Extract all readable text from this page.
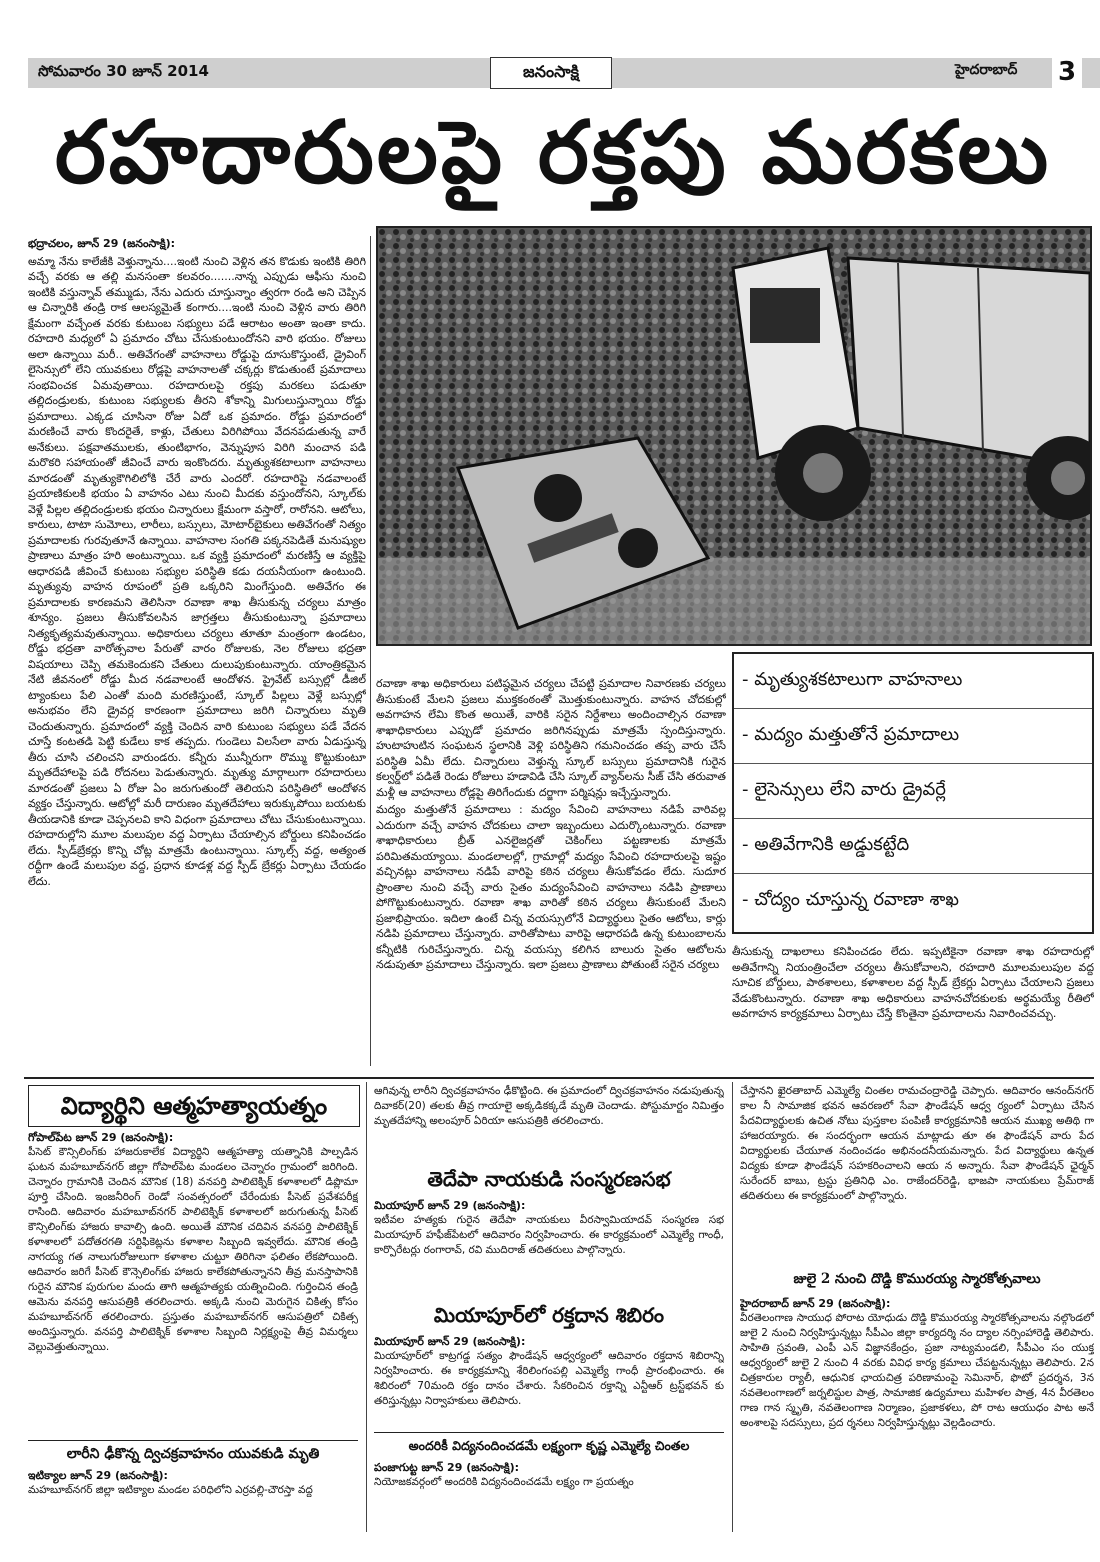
సోమవారం 30 జూన్ 2014	జనంసాక్షి	హైదరాబాద్ 3
రహదారులపై రక్తపు మరకలు

భద్రాచలం, జూన్ 29 (జనంసాక్షి):

అమ్మా నేను కాలేజీకి వెళ్తున్నాను....ఇంటి నుంచి వెళ్లిన తన కొడుకు ఇంటికి తిరిగి వచ్చే వరకు ఆ తల్లి మనసంతా కలవరం.......నాన్న ఎప్పుడు ఆఫీసు నుంచి ఇంటికి వస్తున్నావ్ తమ్ముడు, నేను ఎదురు చూస్తున్నాం త్వరగా రండి అని చెప్పిన ఆ చిన్నారికి తండ్రి రాక ఆలస్యమైతే కంగారు....ఇంటి నుంచి వెళ్లిన వారు తిరిగి క్షేమంగా వచ్చేంత వరకు కుటుంబ సభ్యులు పడే ఆరాటం అంతా ఇంతా కాదు. రహదారి మధ్యలో ఏ ప్రమాదం చోటు చేసుకుంటుందోనని వారి భయం. రోజులు అలా ఉన్నాయి మరీ.. అతివేగంతో వాహనాలు రోడ్డుపై దూసుకొస్తుంటే, డ్రైవింగ్ లైసెన్సులో లేని యువకులు రోడ్లపై వాహనాలతో చక్కర్లు కొడుతుంటే ప్రమాదాలు సంభవించక ఏమవుతాయి. రహదారులపై రక్తపు మరకలు పడుతూ తల్లిదండ్రులకు, కుటుంబ సభ్యులకు తీరని శోకాన్ని మిగులుస్తున్నాయి రోడ్డు ప్రమాదాలు. ఎక్కడ చూసినా రోజు ఏదో ఒక ప్రమాదం. రోడ్డు ప్రమాదంలో మరణించే వారు కొందరైతే, కాళ్లు, చేతులు విరిగిపోయి వేదనపడుతున్న వారే అనేకులు. పక్షవాతములకు, తుంటిభాగం, వెన్నుపూస విరిగి మంచాన పడి మరొకరి సహాయంతో జీవించే వారు ఇంకొందరు. మృత్యుశకటాలుగా వాహనాలు మారడంతో మృత్యుకౌగిలిలోకి చేరే వారు ఎందరో. రహదారిపై నడవాలంటే ప్రయాణికులకి భయం ఏ వాహనం ఎటు నుంచి మీదకు వస్తుందోనని, స్కూల్‌కు వెళ్లే పిల్లల తల్లిదండ్రులకు భయం చిన్నారులు క్షేమంగా వస్తారో, రారోనని. ఆటోలు, కారులు, టాటా సుమోలు, లారీలు, బస్సులు, మోటార్‌బైకులు అతివేగంతో నిత్యం ప్రమాదాలకు గురవుతూనే ఉన్నాయి. వాహనాల సంగతి పక్కనపెడితే మనుష్యుల ప్రాణాలు మాత్రం హరి అంటున్నాయి. ఒక వ్యక్తి ప్రమాదంలో మరణిస్తే ఆ వ్యక్తిపై ఆధారపడి జీవించే కుటుంబ సభ్యుల పరిస్థితి కడు దయనీయంగా ఉంటుంది. మృత్యువు వాహన రూపంలో ప్రతి ఒక్కరిని మింగేస్తుంది. అతివేగం ఈ ప్రమాదాలకు కారణమని తెలిసినా రవాణా శాఖ తీసుకున్న చర్యలు మాత్రం శూన్యం. ప్రజలు తీసుకోవలసిన జాగ్రత్తలు తీసుకుంటున్నా ప్రమాదాలు నిత్యకృత్యమవుతున్నాయి. అధికారులు చర్యలు తూతూ మంత్రంగా ఉండటం, రోడ్డు భద్రతా వారోత్సవాల పేరుతో వారం రోజులకు, నెల రోజులు భద్రతా విషయాలు చెప్పి తమకెందుకని చేతులు దులుపుకుంటున్నారు. యాంత్రికమైన నేటి జీవనంలో రోడ్డు మీద నడవాలంటే ఆందోళన. ప్రైవేట్ బస్సుల్లో డీజిల్ ట్యాంకులు పేలి ఎంతో మంది మరణిస్తుంటే, స్కూల్ పిల్లలు వెళ్లే బస్సుల్లో అనుభవం లేని డ్రైవర్ల కారణంగా ప్రమాదాలు జరిగి చిన్నారులు మృతి చెందుతున్నారు. ప్రమాదంలో వ్యక్తి చెందిన వారి కుటుంబ సభ్యులు పడే వేదన చూస్తే కంటతడి పెట్టి కుడేలు కాక తప్పదు. గుండెలు విలసేలా వారు ఏడుస్తున్న తీరు చూసి చలించని వారుండరు. కన్నీరు మున్నీరుగా రొమ్ము కొట్టుకుంటూ మృతదేహాలపై పడి రోదనలు పెడుతున్నారు. మృత్యు మార్గాలుగా రహదారులు మారడంతో ప్రజలు ఏ రోజు ఏం జరుగుతుందో తెలియని పరిస్థితిలో ఆందోళన వ్యక్తం చేస్తున్నారు. ఆటోల్లో మరీ దారుణం మృతదేహాలు ఇరుక్కుపోయి బయటకు తీయడానికి కూడా చెప్పనలవి కాని విధంగా ప్రమాదాలు చోటు చేసుకుంటున్నాయి. రహదారుల్లోని మూల మలుపుల వద్ద ఏర్పాటు చేయాల్సిన బోర్డులు కనిపించడం లేదు. స్పీడ్‌బ్రేకర్లు కొన్ని చోట్ల మాత్రమే ఉంటున్నాయి. స్కూల్స్ వద్ద, అత్యంత రద్దీగా ఉండే మలుపుల వద్ద, ప్రధాన కూడళ్ల వద్ద స్పీడ్ బ్రేకర్లు ఏర్పాటు చేయడం లేదు.

- మృత్యుశకటాలుగా వాహనాలు
- మద్యం మత్తుతోనే ప్రమాదాలు
- లైసెన్సులు లేని వారు డ్రైవర్లే
- అతివేగానికి అడ్డుకట్టేది
- చోద్యం చూస్తున్న రవాణా శాఖ

రవాణా శాఖ అధికారులు పటిష్ఠమైన చర్యలు చేపట్టి ప్రమాదాల నివారణకు చర్యలు తీసుకుంటే మేలని ప్రజలు ముక్తకంఠంతో మొత్తుకుంటున్నారు. వాహన చోదకుల్లో అవగాహన లేమి కొంత అయితే, వారికి సరైన నిర్దేశాలు అందించాల్సిన రవాణా శాఖాధికారులు ఎప్పుడో ప్రమాదం జరిగినప్పుడు మాత్రమే స్పందిస్తున్నారు. హుటాహుటిన సంఘటన స్థలానికి వెళ్లి పరిస్థితిని గమనించడం తప్ప వారు చేసే పరిస్థితి ఏమీ లేదు. చిన్నారులు వెళ్తున్న స్కూల్ బస్సులు ప్రమాదానికి గురైన కల్వర్డ్‌లో పడితే రెండు రోజులు హడావిడి చేసి స్కూల్ వ్యాన్‌లను సీజ్ చేసి తరువాత మళ్లీ ఆ వాహనాలు రోడ్లపై తిరిగేందుకు దర్జాగా పర్మిషన్లు ఇచ్చేస్తున్నారు.

మద్యం మత్తుతోనే ప్రమాదాలు : మద్యం సేవించి వాహనాలు నడిపే వారివల్ల ఎదురుగా వచ్చే వాహన చోదకులు చాలా ఇబ్బందులు ఎదుర్కొంటున్నారు. రవాణా శాఖాధికారులు బ్రీత్ ఎనలైజర్లతో చెకింగ్‌లు పట్టణాలకు మాత్రమే పరిమితమయ్యాయి. మండలాలల్లో, గ్రామాల్లో మద్యం సేవించి రహదారులపై ఇష్టం వచ్చినట్లు వాహనాలు నడిపే వారిపై కఠిన చర్యలు తీసుకోవడం లేదు. సుదూర ప్రాంతాల నుంచి వచ్చే వారు సైతం మద్యంసేవించి వాహనాలు నడిపి ప్రాణాలు పోగొట్టుకుంటున్నారు. రవాణా శాఖ వారితో కఠిన చర్యలు తీసుకుంటే మేలని ప్రజాభిప్రాయం. ఇదిలా ఉంటే చిన్న వయస్సులోనే విద్యార్థులు సైతం ఆటోలు, కార్లు నడిపి ప్రమాదాలు చేస్తున్నారు. వారితోపాటు వారిపై ఆధారపడి ఉన్న కుటుంబాలను కన్నీటికి గురిచేస్తున్నారు. చిన్న వయస్సు కలిగిన బాలురు సైతం ఆటోలను నడుపుతూ ప్రమాదాలు చేస్తున్నారు. ఇలా ప్రజలు ప్రాణాలు పోతుంటే సరైన చర్యలు

తీసుకున్న దాఖలాలు కనిపించడం లేదు. ఇప్పటికైనా రవాణా శాఖ రహదారుల్లో అతివేగాన్ని నియంత్రించేలా చర్యలు తీసుకోవాలని, రహదారి మూలమలుపుల వద్ద సూచిక బోర్డులు, పాఠశాలలు, కళాశాలల వద్ద స్పీడ్ బ్రేకర్లు ఏర్పాటు చేయాలని ప్రజలు వేడుకొంటున్నారు. రవాణా శాఖ అధికారులు వాహనచోదకులకు అర్థమయ్యే రీతిలో అవగాహన కార్యక్రమాలు ఏర్పాటు చేస్తే కొంతైనా ప్రమాదాలను నివారించవచ్చు.

విద్యార్థిని ఆత్మహత్యాయత్నం

గోపాల్‌పేట జూన్ 29 (జనంసాక్షి):

పీసెట్ కౌన్సిలింగ్‌కు హాజరుకాలేక విద్యార్థిని ఆత్మహత్యా యత్నానికి పాల్పడిన ఘటన మహబూబ్‌నగర్ జిల్లా గోపాల్‌పేట మండలం చెన్నారం గ్రామంలో జరిగింది. చెన్నారం గ్రామానికి చెందిన మౌనిక (18) వనపర్తి పాలిటెక్నిక్ కళాశాలలో డిప్లొమా పూర్తి చేసింది. ఇంజనీరింగ్ రెండో సంవత్సరంలో చేరేందుకు పీసెట్ ప్రవేశపరీక్ష రాసింది. ఆదివారం మహబూబ్‌నగర్ పాలిటెక్నిక్ కళాశాలలో జరుగుతున్న పీసెట్ కౌన్సిలింగ్‌కు హాజరు కావాల్సి ఉంది. అయితే మౌనిక చదివిన వనపర్తి పాలిటెక్నిక్ కళాశాలలో పదోతరగతి సర్టిఫికెట్లను కళాశాల సిబ్బంది ఇవ్వలేదు. మౌనిక తండ్రి నాగయ్య గత నాలుగురోజులుగా కళాశాల చుట్టూ తిరిగినా ఫలితం లేకపోయింది. ఆదివారం జరిగే పీసెట్ కౌన్సెలింగ్‌కు హాజరు కాలేకపోతున్నానని తీవ్ర మనస్తాపానికి గురైన మౌనిక పురుగుల మందు తాగి ఆత్మహత్యకు యత్నించింది. గుర్తించిన తండ్రి ఆమెను వనపర్తి ఆసుపత్రికి తరలించారు. అక్కడి నుంచి మెరుగైన చికిత్స కోసం మహబూబ్‌నగర్ తరలించారు. ప్రస్తుతం మహబూబ్‌నగర్ ఆసుపత్రిలో చికిత్స అందిస్తున్నారు. వనపర్తి పాలిటెక్నిక్ కళాశాల సిబ్బంది నిర్లక్ష్యంపై తీవ్ర విమర్శలు వెల్లువెత్తుతున్నాయి.

లారీని ఢీకొన్న ద్విచక్రవాహనం యువకుడి మృతి

ఇటిక్యాల జూన్ 29 (జనంసాక్షి):

మహబూబ్‌నగర్ జిల్లా ఇటిక్యాల మండల పరిధిలోని ఎర్రవల్లి-చౌరస్తా వద్ద

ఆగివున్న లారీని ద్విచక్రవాహనం ఢీకొట్టింది. ఈ ప్రమాదంలో ద్విచక్రవాహనం నడుపుతున్న దివాకర్(20) తలకు తీవ్ర గాయాలై అక్కడికక్కడే మృతి చెందాడు. పోస్టుమార్టం నిమిత్తం మృతదేహాన్ని అలంపూర్ ఏరియా ఆసుపత్రికి తరలించారు.

తెదేపా నాయకుడి సంస్మరణసభ

మియాపూర్ జూన్ 29 (జనంసాక్షి):

ఇటీవల హత్యకు గురైన తెదేపా నాయకులు వీరస్వామియాదవ్ సంస్మరణ సభ మియాపూర్ హఫీజ్‌పేటలో ఆదివారం నిర్వహించారు. ఈ కార్యక్రమంలో ఎమ్మెల్యే గాంధీ, కార్పొరేటర్లు రంగారావ్, రవి ముదిరాజ్ తదితరులు పాల్గొన్నారు.

మియాపూర్‌లో రక్తదాన శిబిరం

మియాపూర్ జూన్ 29 (జనంసాక్షి):

మియాపూర్‌లో కాట్రగడ్డ సత్యం ఫౌండేషన్ ఆధ్వర్యంలో ఆదివారం రక్తదాన శిబిరాన్ని నిర్వహించారు. ఈ కార్యక్రమాన్ని శేరిలింగంపల్లి ఎమ్మెల్యే గాంధీ ప్రారంభించారు. ఈ శిబిరంలో 70మంది రక్తం దానం చేశారు. సేకరించిన రక్తాన్ని ఎన్టీఆర్ ట్రస్ట్‌భవన్ కు తరిస్తున్నట్లు నిర్వాహకులు తెలిపారు.

అందరికీ విద్యనందించడమే లక్ష్యంగా కృష్ణ ఎమ్మెల్యే చింతల

పంజాగుట్ట జూన్ 29 (జనంసాక్షి):

నియోజకవర్గంలో అందరికి విద్యనందించడమే లక్ష్యం గా ప్రయత్నం

చేస్తానని ఖైరతాబాద్ ఎమ్మెల్యే చింతల రామచంద్రారెడ్డి చెప్పారు. ఆదివారం ఆనంద్‌నగర్ కాల నీ సామాజిక భవన ఆవరణలో సేవా ఫౌండేషన్ ఆధ్వ ర్యంలో ఏర్పాటు చేసిన పేదవిద్యార్థులకు ఉచిత నోటు పుస్తకాల పంపిణీ కార్యక్రమానికి ఆయన ముఖ్య అతిథి గా హాజరయ్యారు. ఈ సందర్భంగా ఆయన మాట్లాడు తూ ఈ ఫౌండేషన్ వారు పేద విద్యార్థులకు చేయూత నందించడం అభినందనీయమన్నారు. పేద విద్యార్థులు ఉన్నత విద్యకు కూడా ఫౌండేషన్ సహకరించాలని ఆయ న అన్నారు. సేవా ఫౌండేషన్ ఛైర్మన్ సురేందర్ బాబు, ట్రస్టు ప్రతినిధి ఎం. రాజేందర్‌రెడ్డి, భాజపా నాయకులు ప్రేమ్‌రాజ్ తదితరులు ఈ కార్యక్రమంలో పాల్గొన్నారు.

జులై 2 నుంచి దొడ్డి కొమురయ్య స్మారకోత్సవాలు

హైదరాబాద్ జూన్ 29 (జనంసాక్షి):

వీరతెలంగాణ సాయుధ పోరాట యోధుడు దొడ్డి కొమురయ్య స్మారకోత్సవాలను నల్గొండలో జులై 2 నుంచి నిర్వహిస్తున్నట్లు సీపీఎం జిల్లా కార్యదర్శి నం ద్యాల నర్సింహారెడ్డి తెలిపారు. సాహితి స్రవంతి, ఎంపీ ఎన్ విజ్ఞానకేంద్రం, ప్రజా నాట్యమండలి, సీపీఎం సం యుక్త ఆధ్వర్యంలో జులై 2 నుంచి 4 వరకు వివిధ కార్య క్రమాలు చేపట్టనున్నట్లు తెలిపారు. 2న చిత్రకారుల ర్యాలీ, ఆధునిక ఛాయచిత్ర పరిణామంపై సెమినార్, ఫొటో ప్రదర్శన, 3న నవతెలంగాణలో జర్నలిస్టుల పాత్ర, సామాజిక ఉద్యమాలు మహిళల పాత్ర, 4న వీరతెలం గాణ గాన స్మృతి, నవతెలంగాణ నిర్మాణం, ప్రజాకళలు, పో రాట ఆయుధం పాట అనే అంశాలపై సదస్సులు, ప్రద ర్శనలు నిర్వహిస్తున్నట్లు వెల్లడించారు.
